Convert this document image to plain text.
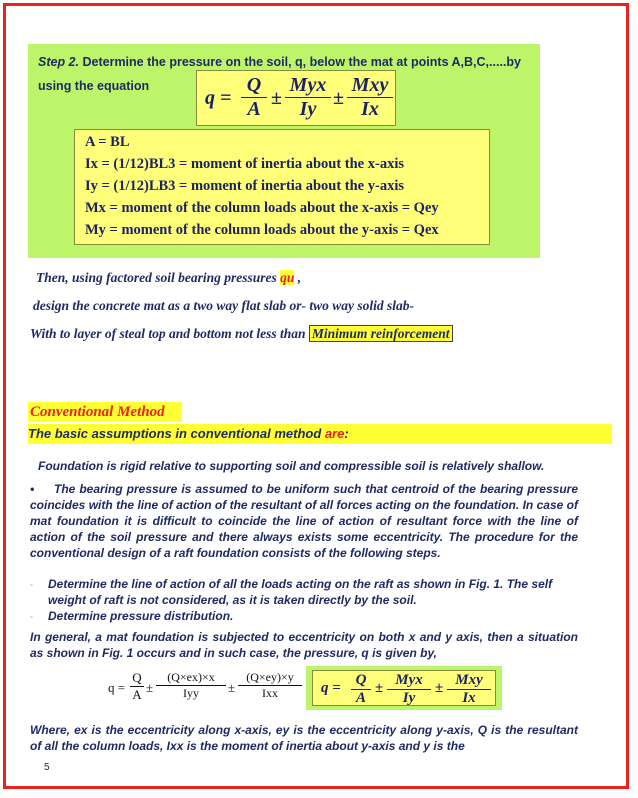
Step 2. Determine the pressure on the soil, q, below the mat at points A,B,C,.....by
using the equation
$q = \frac{Q}{A}$ ±
Myx
Iy ±
Mxy
Ix
A = BL
Ix = (1/12)BL3 = moment of inertia about the x-axis
Iy = (1/12)LB3 = moment of inertia about the y-axis
Mx = moment of the column loads about the x-axis = Qey
My = moment of the column loads about the y-axis = Qex
Then, using factored soil bearing pressures qu ,
design the concrete mat as a two way flat slab or- two way solid slab-
With to layer of steal top and bottom not less than Minimum reinforcement
Conventional Method
The basic assumptions in conventional method are:
Foundation is rigid relative to supporting soil and compressible soil is relatively shallow.
• The bearing pressure is assumed to be uniform such that centroid of the bearing pressure coincides with the line of action of the resultant of all forces acting on the foundation. In case of mat foundation it is difficult to coincide the line of action of resultant force with the line of action of the soil pressure and there always exists some eccentricity. The procedure for the conventional design of a raft foundation consists of the following steps.
▫ Determine the line of action of all the loads acting on the raft as shown in Fig. 1. The self weight of raft is not considered, as it is taken directly by the soil.
▫ Determine pressure distribution.
In general, a mat foundation is subjected to eccentricity on both x and y axis, then a situation as shown in Fig. 1 occurs and in such case, the pressure, q is given by,
$q = \frac{Q}{A}$ ±
(Q×ex)×x
Iyy	±
(Q×ey)×y
Ixx	$q = \frac{Q}{A}$ ± Myx
Iy
± Mxy
Ix
Where, ex is the eccentricity along x-axis, ey is the eccentricity along y-axis, Q is the resultant of all the column loads, Ixx is the moment of inertia about y-axis and y is the
5
